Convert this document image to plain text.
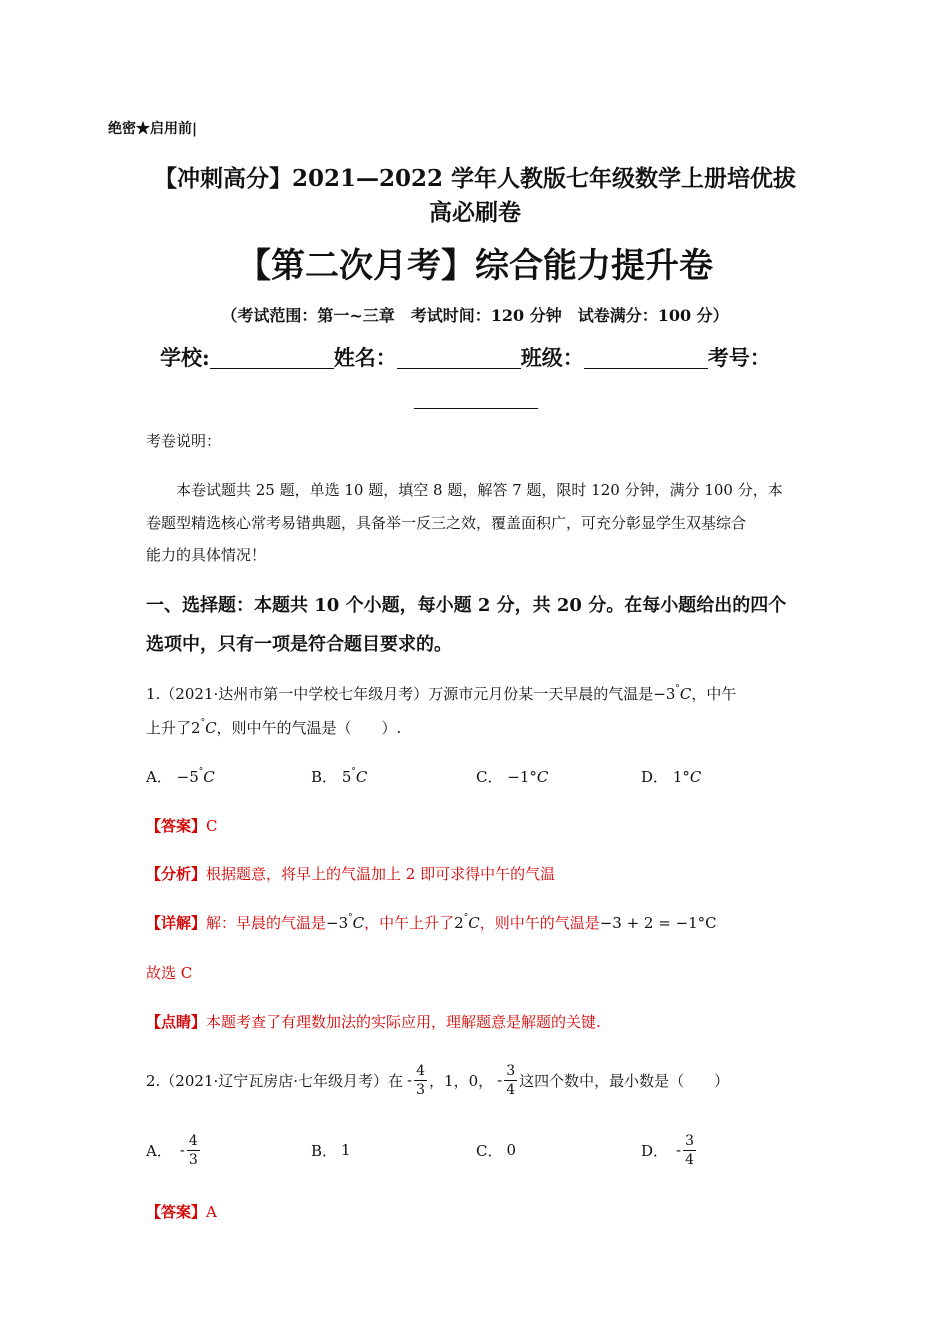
绝密★启用前|
【冲刺高分】2021—2022 学年人教版七年级数学上册培优拔
高必刷卷
【第二次月考】综合能力提升卷
（考试范围：第一~三章　考试时间：120 分钟　试卷满分：100 分）
学校:	姓名：	班级：	考号：
考卷说明：
本卷试题共 25 题，单选 10 题，填空 8 题，解答 7 题，限时 120 分钟，满分 100 分，本
卷题型精选核心常考易错典题，具备举一反三之效，覆盖面积广，可充分彰显学生双基综合
能力的具体情况！
一、选择题：本题共 10 个小题，每小题 2 分，共 20 分。在每小题给出的四个
选项中，只有一项是符合题目要求的。
1.（2021·达州市第一中学校七年级月考）万源市元月份某一天早晨的气温是−3°C，中午
上升了2°C，则中午的气温是（　　）.
A． −5°C	B． 5°C	C． −1°C	D． 1°C
【答案】C
【分析】根据题意，将早上的气温加上 2 即可求得中午的气温
【详解】解：早晨的气温是−3°C，中午上升了2°C，则中午的气温是−3 + 2 = −1°C
故选 C
【点睛】本题考查了有理数加法的实际应用，理解题意是解题的关键.
2.（2021·辽宁瓦房店·七年级月考）在 - $\frac{4}{3}$ ，1，0， - $\frac{3}{4}$ 这四个数中，最小数是（　　）
A． - $\frac{4}{3}$	B． 1	C． 0	D． - $\frac{3}{4}$
【答案】A
